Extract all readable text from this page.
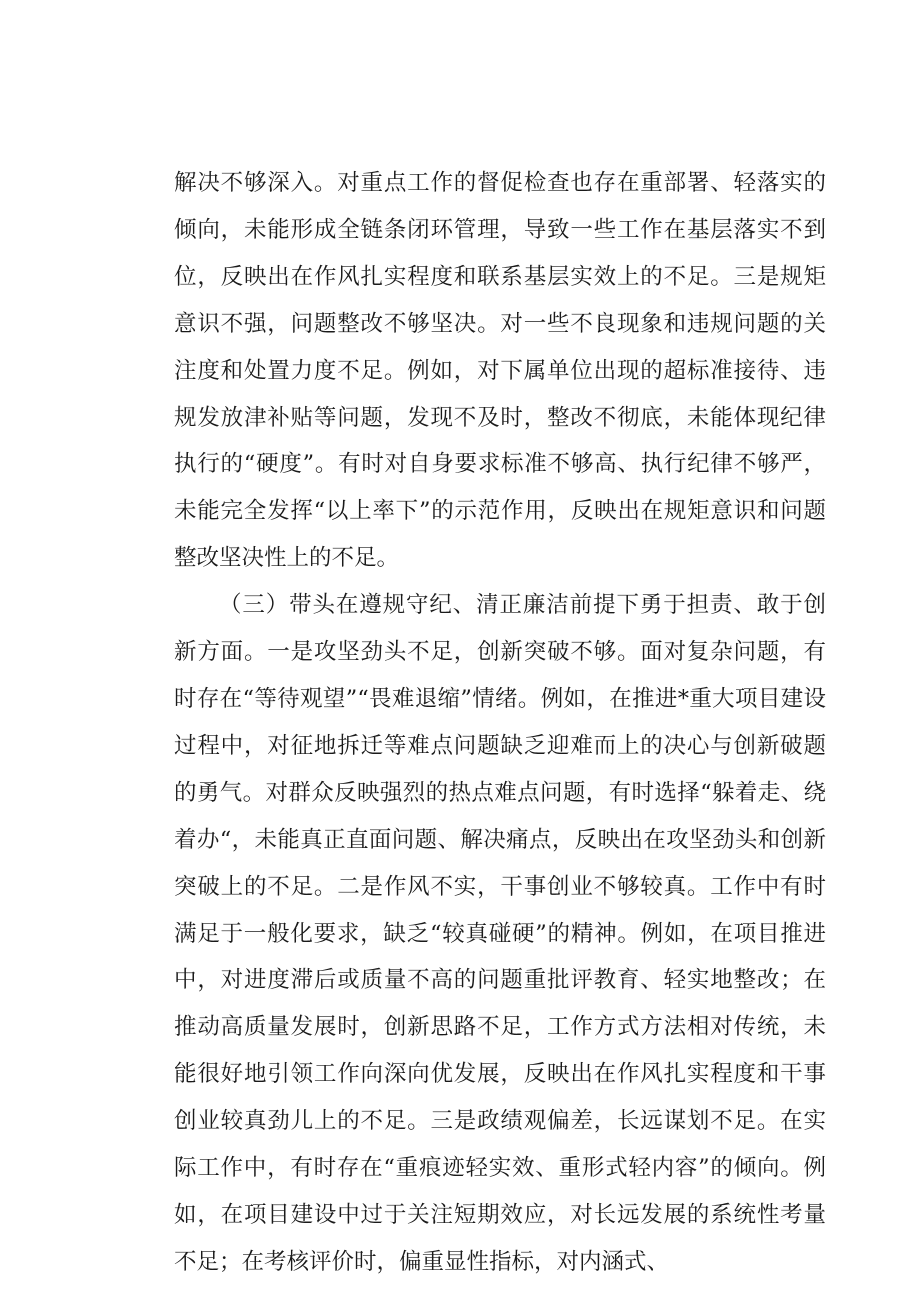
解决不够深入。对重点工作的督促检查也存在重部署、轻落实的倾向，未能形成全链条闭环管理，导致一些工作在基层落实不到位，反映出在作风扎实程度和联系基层实效上的不足。三是规矩意识不强，问题整改不够坚决。对一些不良现象和违规问题的关注度和处置力度不足。例如，对下属单位出现的超标准接待、违规发放津补贴等问题，发现不及时，整改不彻底，未能体现纪律执行的“硬度”。有时对自身要求标准不够高、执行纪律不够严，未能完全发挥“以上率下”的示范作用，反映出在规矩意识和问题整改坚决性上的不足。

（三）带头在遵规守纪、清正廉洁前提下勇于担责、敢于创新方面。一是攻坚劲头不足，创新突破不够。面对复杂问题，有时存在“等待观望”“畏难退缩”情绪。例如，在推进*重大项目建设过程中，对征地拆迁等难点问题缺乏迎难而上的决心与创新破题的勇气。对群众反映强烈的热点难点问题，有时选择“躲着走、绕着办“，未能真正直面问题、解决痛点，反映出在攻坚劲头和创新突破上的不足。二是作风不实，干事创业不够较真。工作中有时满足于一般化要求，缺乏“较真碰硬”的精神。例如，在项目推进中，对进度滞后或质量不高的问题重批评教育、轻实地整改；在推动高质量发展时，创新思路不足，工作方式方法相对传统，未能很好地引领工作向深向优发展，反映出在作风扎实程度和干事创业较真劲儿上的不足。三是政绩观偏差，长远谋划不足。在实际工作中，有时存在“重痕迹轻实效、重形式轻内容”的倾向。例如，在项目建设中过于关注短期效应，对长远发展的系统性考量不足；在考核评价时，偏重显性指标，对内涵式、
